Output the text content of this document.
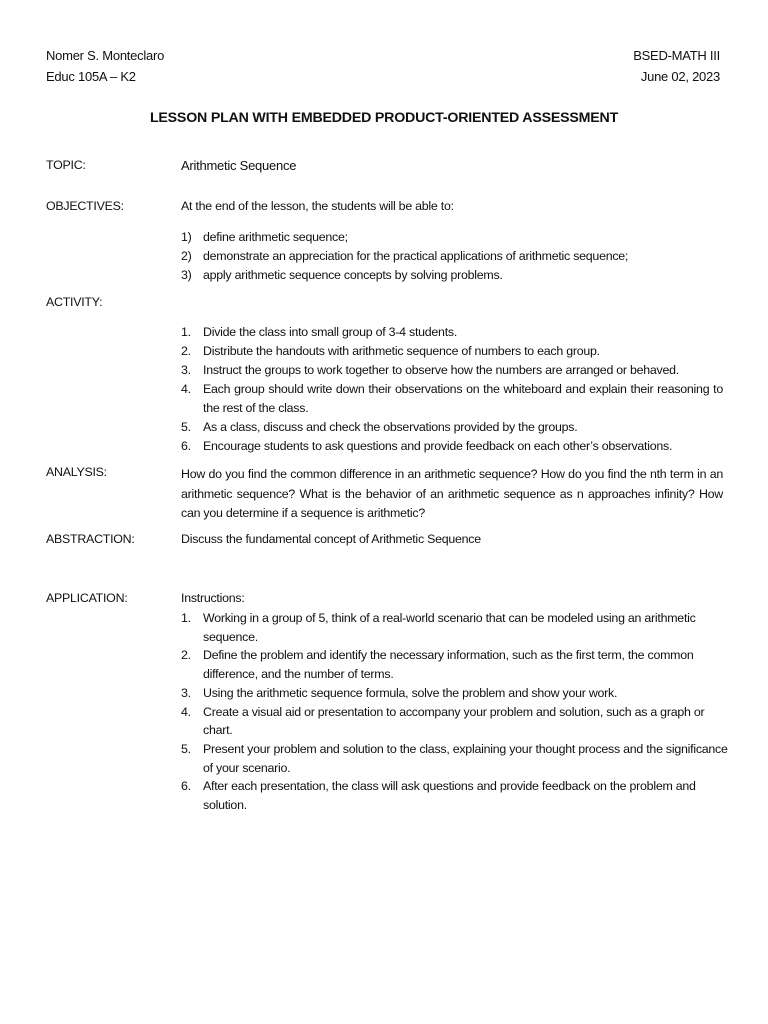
Nomer S. Monteclaro
Educ 105A – K2
BSED-MATH III
June 02, 2023
LESSON PLAN WITH EMBEDDED PRODUCT-ORIENTED ASSESSMENT
TOPIC:	Arithmetic Sequence
OBJECTIVES:	At the end of the lesson, the students will be able to:
1) define arithmetic sequence;
2) demonstrate an appreciation for the practical applications of arithmetic sequence;
3) apply arithmetic sequence concepts by solving problems.
ACTIVITY:
1. Divide the class into small group of 3-4 students.
2. Distribute the handouts with arithmetic sequence of numbers to each group.
3. Instruct the groups to work together to observe how the numbers are arranged or behaved.
4. Each group should write down their observations on the whiteboard and explain their reasoning to the rest of the class.
5. As a class, discuss and check the observations provided by the groups.
6. Encourage students to ask questions and provide feedback on each other’s observations.
ANALYSIS:	How do you find the common difference in an arithmetic sequence? How do you find the nth term in an arithmetic sequence? What is the behavior of an arithmetic sequence as n approaches infinity? How can you determine if a sequence is arithmetic?
ABSTRACTION:	Discuss the fundamental concept of Arithmetic Sequence
APPLICATION:	Instructions:
1. Working in a group of 5, think of a real-world scenario that can be modeled using an arithmetic sequence.
2. Define the problem and identify the necessary information, such as the first term, the common difference, and the number of terms.
3. Using the arithmetic sequence formula, solve the problem and show your work.
4. Create a visual aid or presentation to accompany your problem and solution, such as a graph or chart.
5. Present your problem and solution to the class, explaining your thought process and the significance of your scenario.
6. After each presentation, the class will ask questions and provide feedback on the problem and solution.
